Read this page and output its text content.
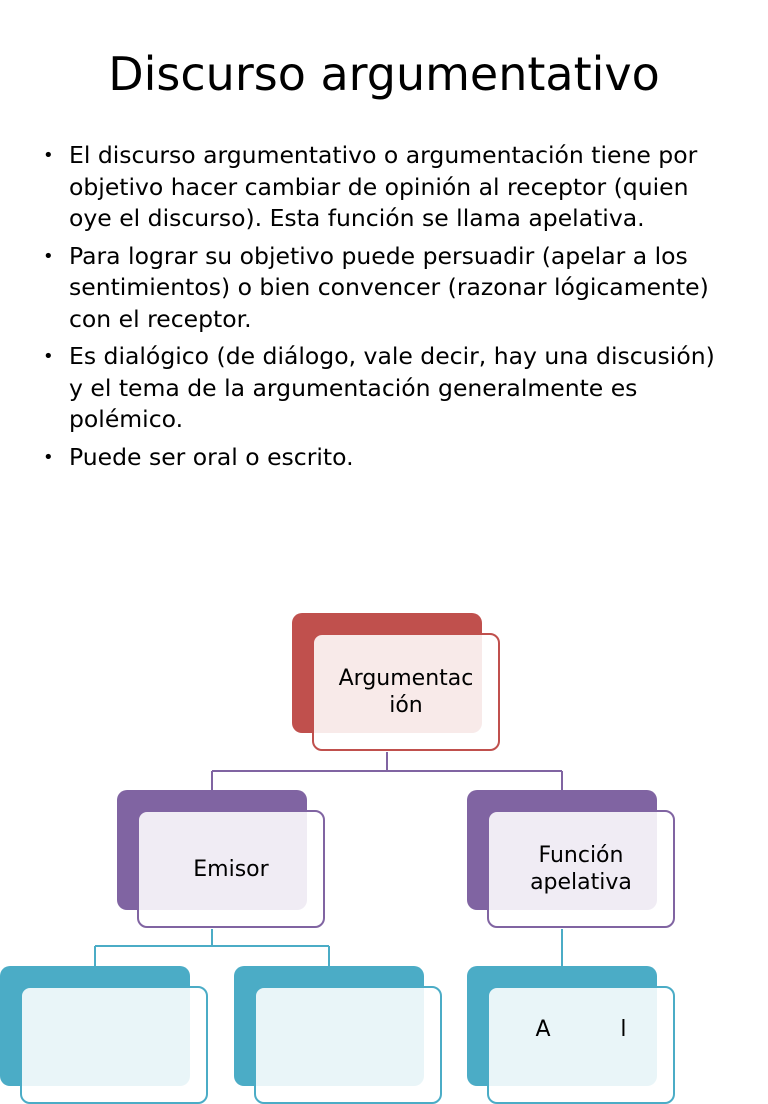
Discurso argumentativo
• El discurso argumentativo o argumentación tiene por objetivo hacer cambiar de opinión al receptor (quien oye el discurso). Esta función se llama apelativa.
• Para lograr su objetivo puede persuadir (apelar a los sentimientos) o bien convencer (razonar lógicamente) con el receptor.
• Es dialógico (de diálogo, vale decir, hay una discusión) y el tema de la argumentación generalmente es polémico.
• Puede ser oral o escrito.
Argumentac
ión
Emisor
Función
apelativa
A          l
